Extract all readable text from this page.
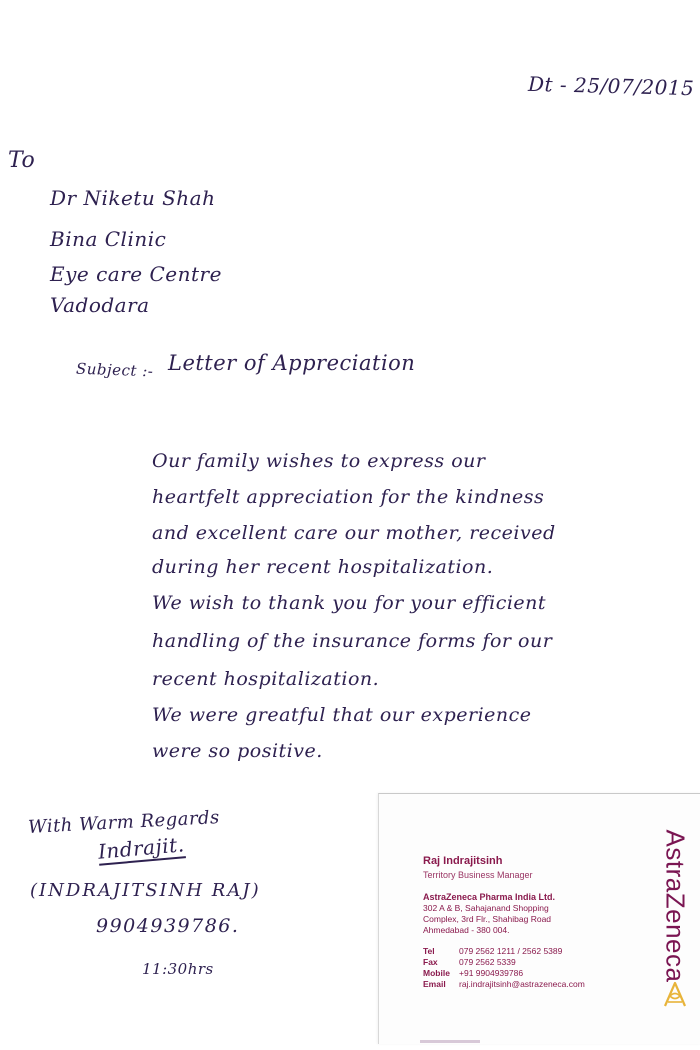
Dt - 25/07/2015
To
Dr Niketu Shah
Bina Clinic
Eye care Centre
Vadodara
Subject :- Letter of Appreciation
Our family wishes to express our
heartfelt appreciation for the kindness
and excellent care our mother, received
during her recent hospitalization.
We wish to thank you for your efficient
handling of the insurance forms for our
recent hospitalization.
We were greatful that our experience
were so positive.
With Warm Regards
Indrajit.
(INDRAJITSINH RAJ)
9904939786.
11:30hrs
Raj Indrajitsinh
Territory Business Manager
AstraZeneca Pharma India Ltd.
302 A & B, Sahajanand Shopping
Complex, 3rd Flr., Shahibag Road
Ahmedabad - 380 004.
Tel	079 2562 1211 / 2562 5389
Fax	079 2562 5339
Mobile +91 9904939786
Email raj.indrajitsinh@astrazeneca.com
AstraZeneca
